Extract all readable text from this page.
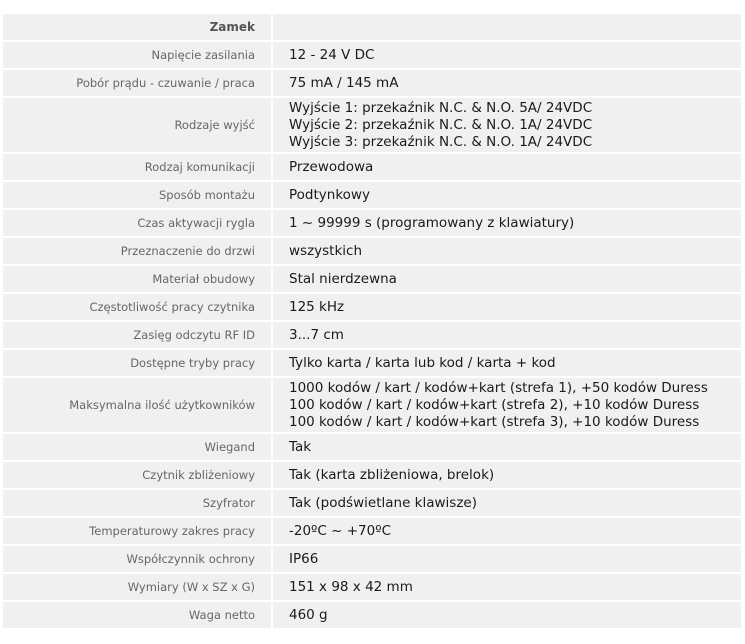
Zamek	
Napięcie zasilania	12 - 24 V DC

Pobór prądu - czuwanie / praca	75 mA / 145 mA

Rodzaje wyjść	Wyjście 1: przekaźnik N.C. & N.O. 5A/ 24VDC
Wyjście 2: przekaźnik N.C. & N.O. 1A/ 24VDC
Wyjście 3: przekaźnik N.C. & N.O. 1A/ 24VDC

Rodzaj komunikacji	Przewodowa

Sposób montażu	Podtynkowy

Czas aktywacji rygla	1 ~ 99999 s (programowany z klawiatury)

Przeznaczenie do drzwi	wszystkich

Materiał obudowy	Stal nierdzewna

Częstotliwość pracy czytnika	125 kHz

Zasięg odczytu RF ID	3...7 cm

Dostępne tryby pracy	Tylko karta / karta lub kod / karta + kod

Maksymalna ilość użytkowników	1000 kodów / kart / kodów+kart (strefa 1), +50 kodów Duress
100 kodów / kart / kodów+kart (strefa 2), +10 kodów Duress
100 kodów / kart / kodów+kart (strefa 3), +10 kodów Duress

Wiegand	Tak

Czytnik zbliżeniowy	Tak (karta zbliżeniowa, brelok)

Szyfrator	Tak (podświetlane klawisze)

Temperaturowy zakres pracy	-20ºC ~ +70ºC

Współczynnik ochrony	IP66

Wymiary (W x SZ x G)	151 x 98 x 42 mm

Waga netto	460 g
